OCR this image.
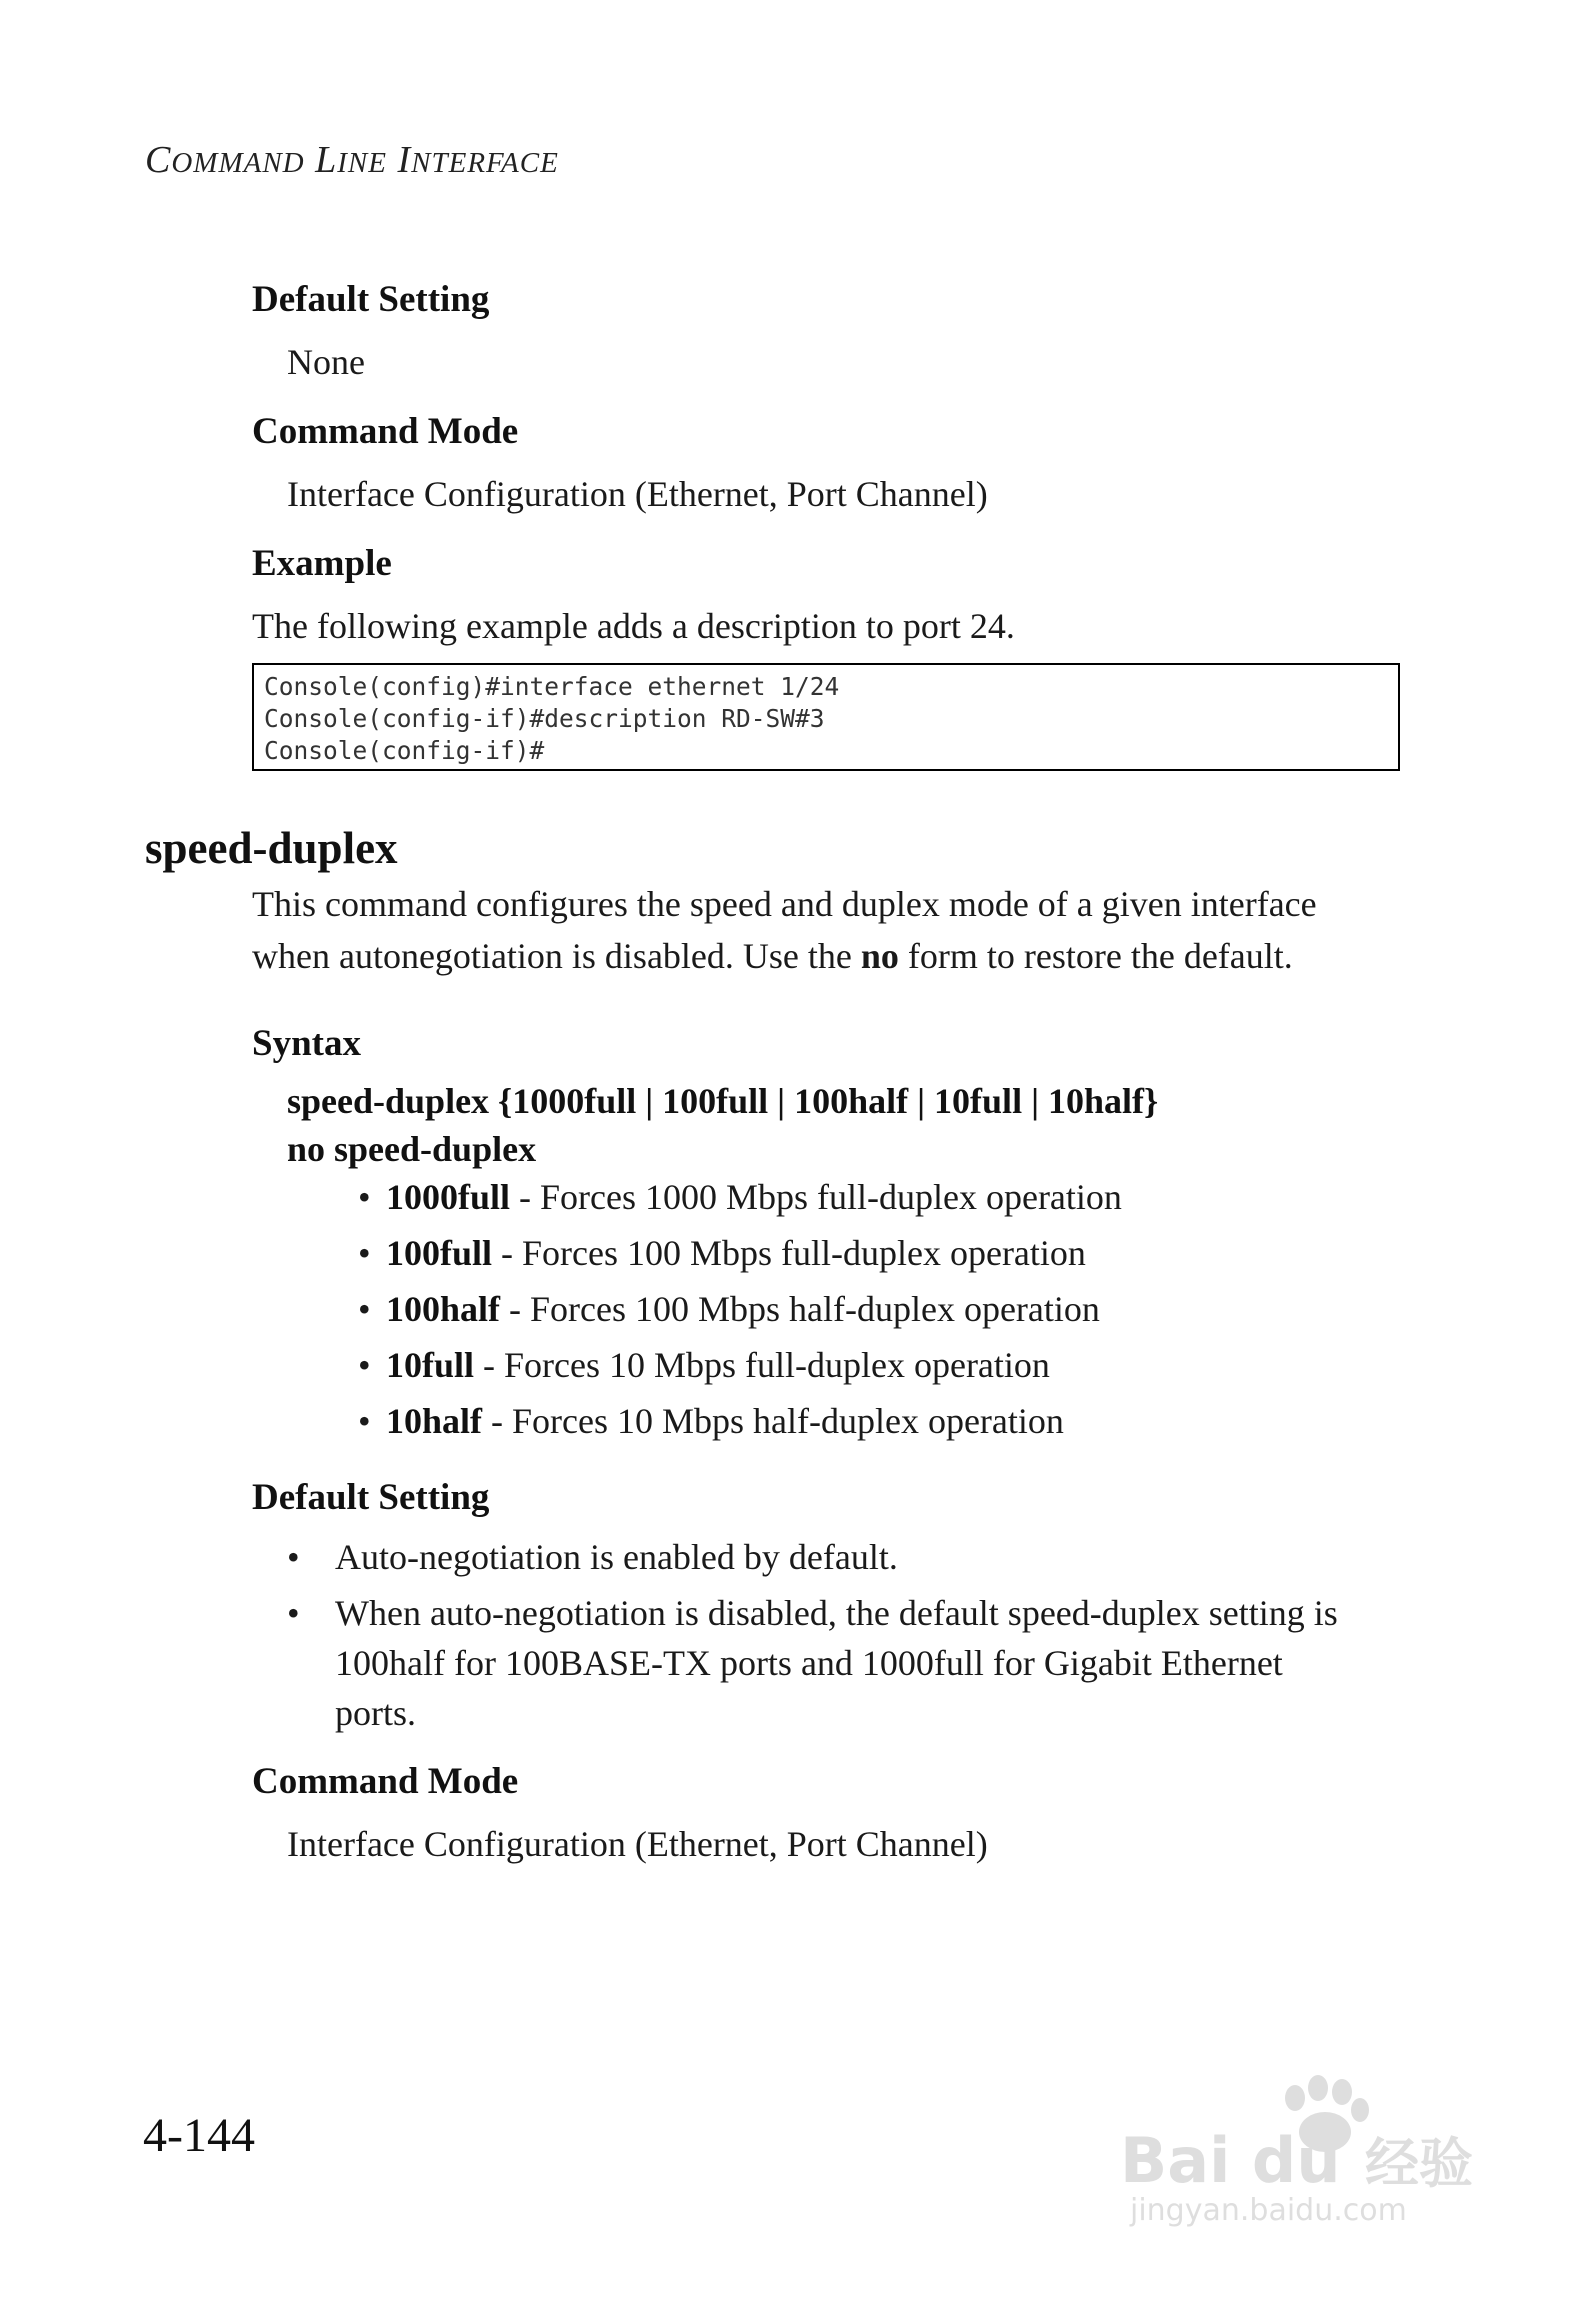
COMMAND LINE INTERFACE
Default Setting
None
Command Mode
Interface Configuration (Ethernet, Port Channel)
Example
The following example adds a description to port 24.
Console(config)#interface ethernet 1/24
Console(config-if)#description RD-SW#3
Console(config-if)#
speed-duplex
This command configures the speed and duplex mode of a given interface
when autonegotiation is disabled. Use the no form to restore the default.
Syntax
speed-duplex {1000full | 100full | 100half | 10full | 10half}
no speed-duplex
• 1000full - Forces 1000 Mbps full-duplex operation
• 100full - Forces 100 Mbps full-duplex operation
• 100half - Forces 100 Mbps half-duplex operation
• 10full - Forces 10 Mbps full-duplex operation
• 10half - Forces 10 Mbps half-duplex operation
Default Setting
• Auto-negotiation is enabled by default.
• When auto-negotiation is disabled, the default speed-duplex setting is
100half for 100BASE-TX ports and 1000full for Gigabit Ethernet
ports.
Command Mode
Interface Configuration (Ethernet, Port Channel)
4-144	Bai du 经验
jingyan.baidu.com
